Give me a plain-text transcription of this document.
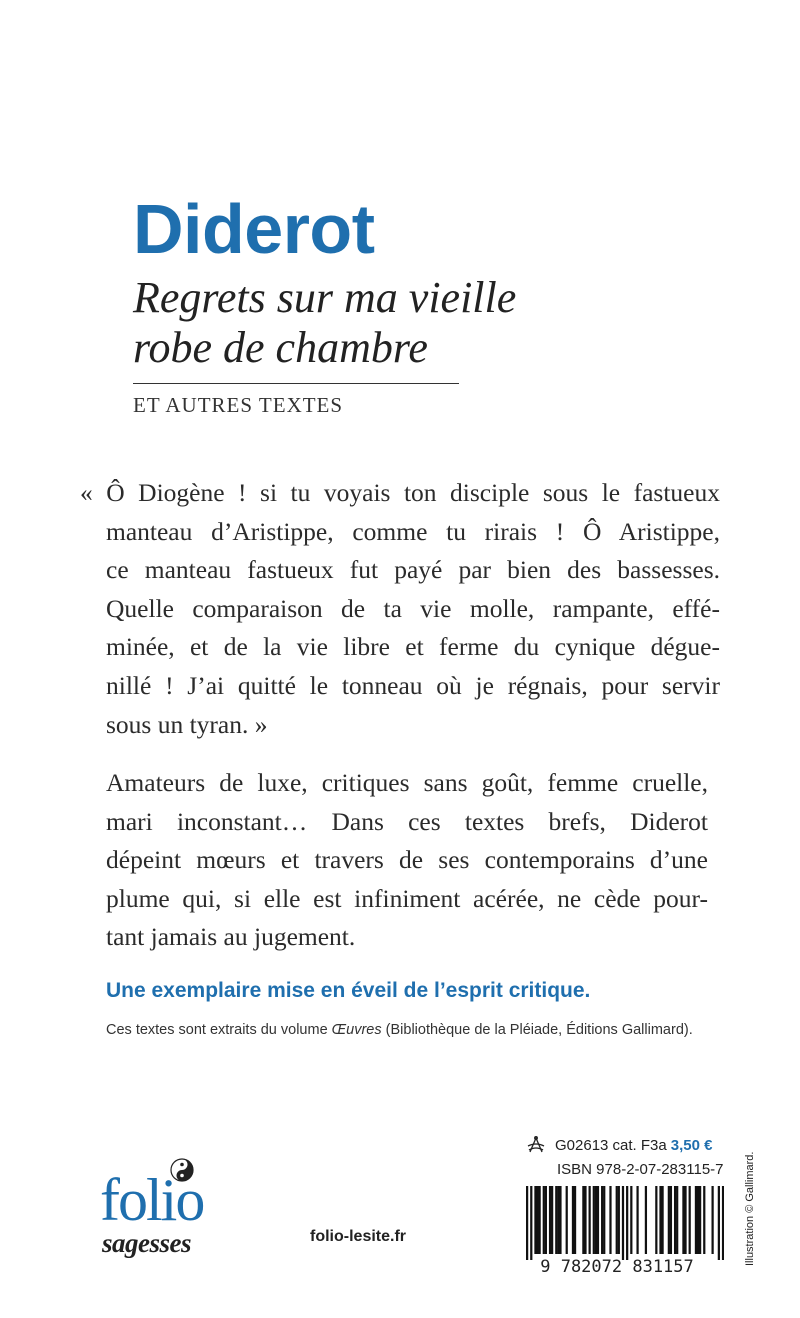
Diderot
Regrets sur ma vieille
robe de chambre
ET AUTRES TEXTES
« Ô Diogène ! si tu voyais ton disciple sous le fastueux
manteau d’Aristippe, comme tu rirais ! Ô Aristippe,
ce manteau fastueux fut payé par bien des bassesses.
Quelle comparaison de ta vie molle, rampante, effé-
minée, et de la vie libre et ferme du cynique dégue-
nillé ! J’ai quitté le tonneau où je régnais, pour servir
sous un tyran. »
Amateurs de luxe, critiques sans goût, femme cruelle,
mari inconstant… Dans ces textes brefs, Diderot
dépeint mœurs et travers de ses contemporains d’une
plume qui, si elle est infiniment acérée, ne cède pour-
tant jamais au jugement.
Une exemplaire mise en éveil de l’esprit critique.
Ces textes sont extraits du volume Œuvres (Bibliothèque de la Pléiade, Éditions Gallimard).
folio
sagesses	folio-lesite.fr
G02613 cat. F3a 3,50 €
ISBN 978-2-07-283115-7
9 782072 831157
Illustration © Gallimard.
